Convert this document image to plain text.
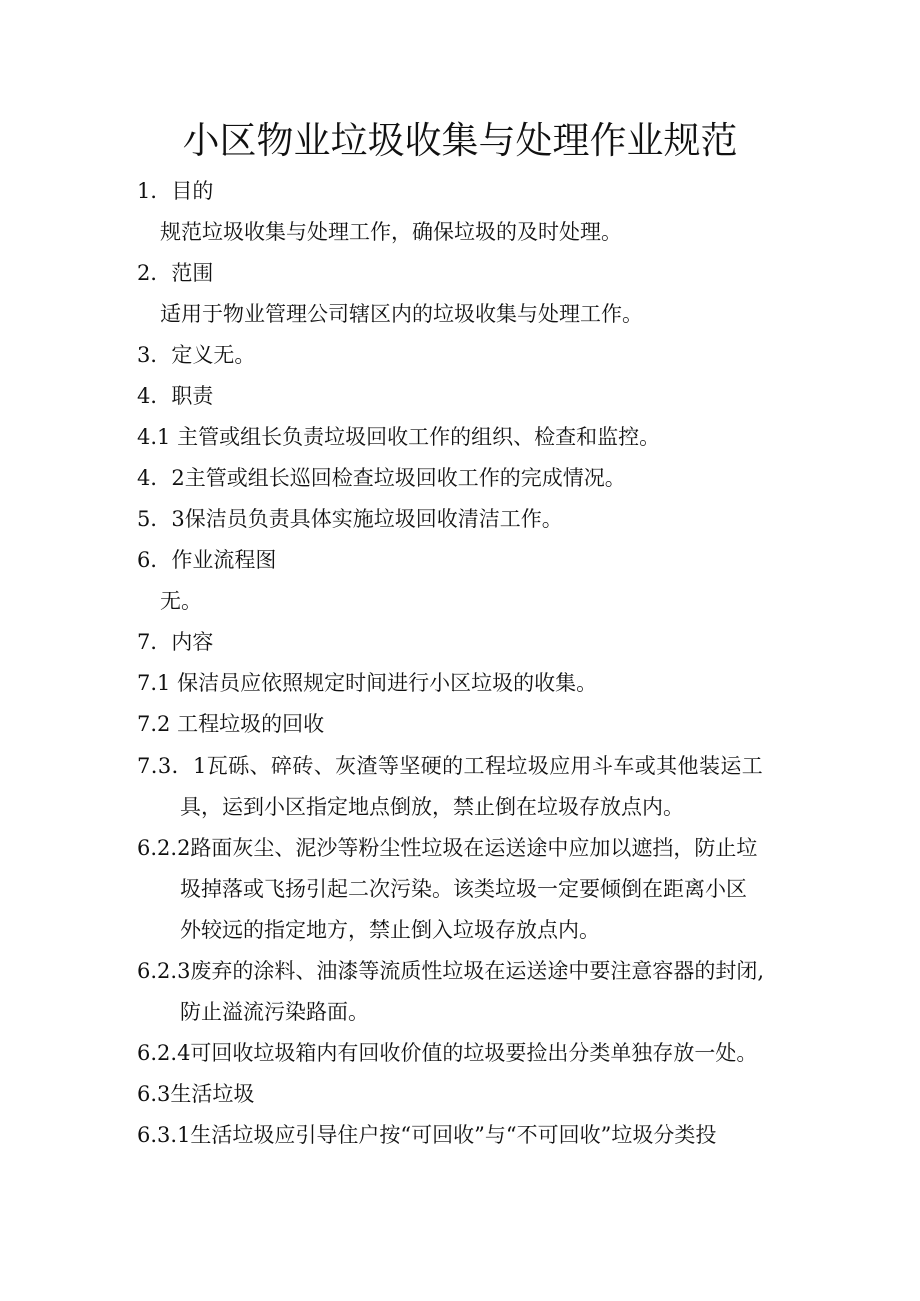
小区物业垃圾收集与处理作业规范
1．目的
规范垃圾收集与处理工作，确保垃圾的及时处理。
2．范围
适用于物业管理公司辖区内的垃圾收集与处理工作。
3．定义无。
4．职责
4.1 主管或组长负责垃圾回收工作的组织、检查和监控。
4．2主管或组长巡回检查垃圾回收工作的完成情况。
5．3保洁员负责具体实施垃圾回收清洁工作。
6．作业流程图
无。
7．内容
7.1 保洁员应依照规定时间进行小区垃圾的收集。
7.2 工程垃圾的回收
7.3．1瓦砾、碎砖、灰渣等坚硬的工程垃圾应用斗车或其他装运工
具，运到小区指定地点倒放，禁止倒在垃圾存放点内。
6.2.2路面灰尘、泥沙等粉尘性垃圾在运送途中应加以遮挡，防止垃
圾掉落或飞扬引起二次污染。该类垃圾一定要倾倒在距离小区
外较远的指定地方，禁止倒入垃圾存放点内。
6.2.3废弃的涂料、油漆等流质性垃圾在运送途中要注意容器的封闭,
防止溢流污染路面。
6.2.4可回收垃圾箱内有回收价值的垃圾要捡出分类单独存放一处。
6.3生活垃圾
6.3.1生活垃圾应引导住户按“可回收”与“不可回收”垃圾分类投
